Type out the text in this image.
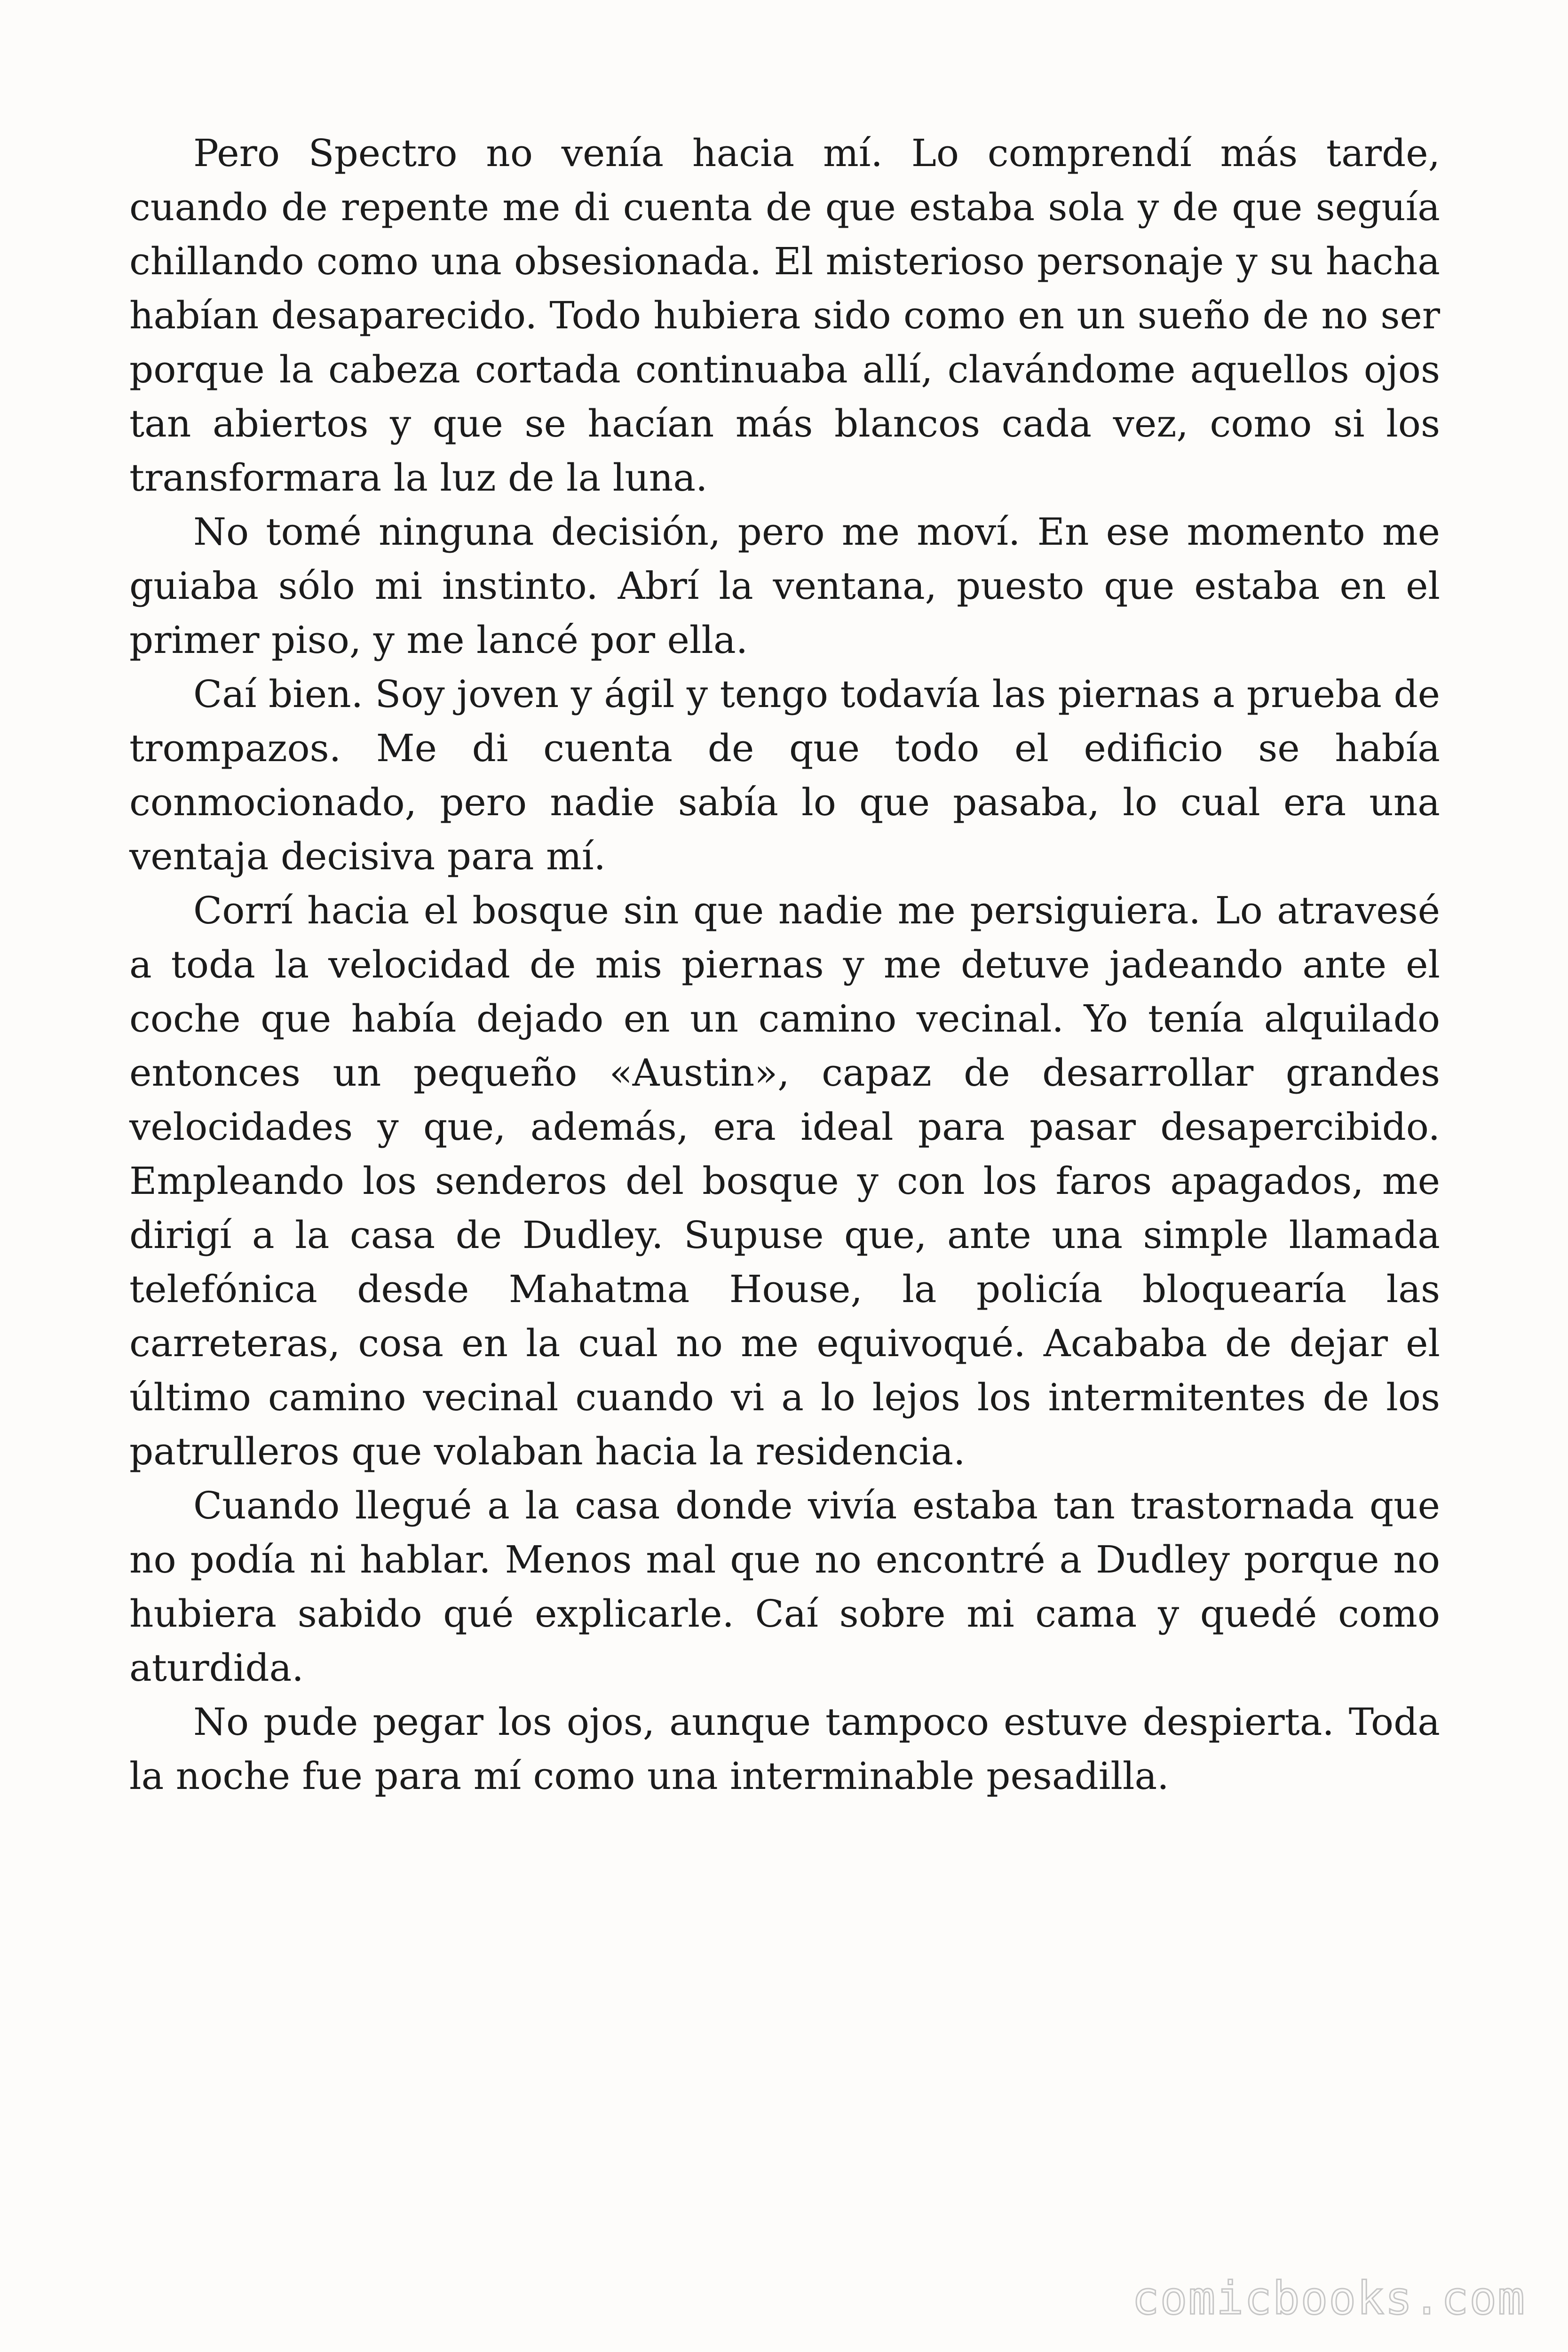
Pero Spectro no venía hacia mí. Lo comprendí más tarde, cuando de repente me di cuenta de que estaba sola y de que seguía chillando como una obsesionada. El misterioso personaje y su hacha habían desaparecido. Todo hubiera sido como en un sueño de no ser porque la cabeza cortada continuaba allí, clavándome aquellos ojos tan abiertos y que se hacían más blancos cada vez, como si los transformara la luz de la luna.

No tomé ninguna decisión, pero me moví. En ese momento me guiaba sólo mi instinto. Abrí la ventana, puesto que estaba en el primer piso, y me lancé por ella.

Caí bien. Soy joven y ágil y tengo todavía las piernas a prueba de trompazos. Me di cuenta de que todo el edificio se había conmocionado, pero nadie sabía lo que pasaba, lo cual era una ventaja decisiva para mí.

Corrí hacia el bosque sin que nadie me persiguiera. Lo atravesé a toda la velocidad de mis piernas y me detuve jadeando ante el coche que había dejado en un camino vecinal. Yo tenía alquilado entonces un pequeño «Austin», capaz de desarrollar grandes velocidades y que, además, era ideal para pasar desapercibido. Empleando los senderos del bosque y con los faros apagados, me dirigí a la casa de Dudley. Supuse que, ante una simple llamada telefónica desde Mahatma House, la policía bloquearía las carreteras, cosa en la cual no me equivoqué. Acababa de dejar el último camino vecinal cuando vi a lo lejos los intermitentes de los patrulleros que volaban hacia la residencia.

Cuando llegué a la casa donde vivía estaba tan trastornada que no podía ni hablar. Menos mal que no encontré a Dudley porque no hubiera sabido qué explicarle. Caí sobre mi cama y quedé como aturdida.

No pude pegar los ojos, aunque tampoco estuve despierta. Toda la noche fue para mí como una interminable pesadilla.

comicbooks.com
